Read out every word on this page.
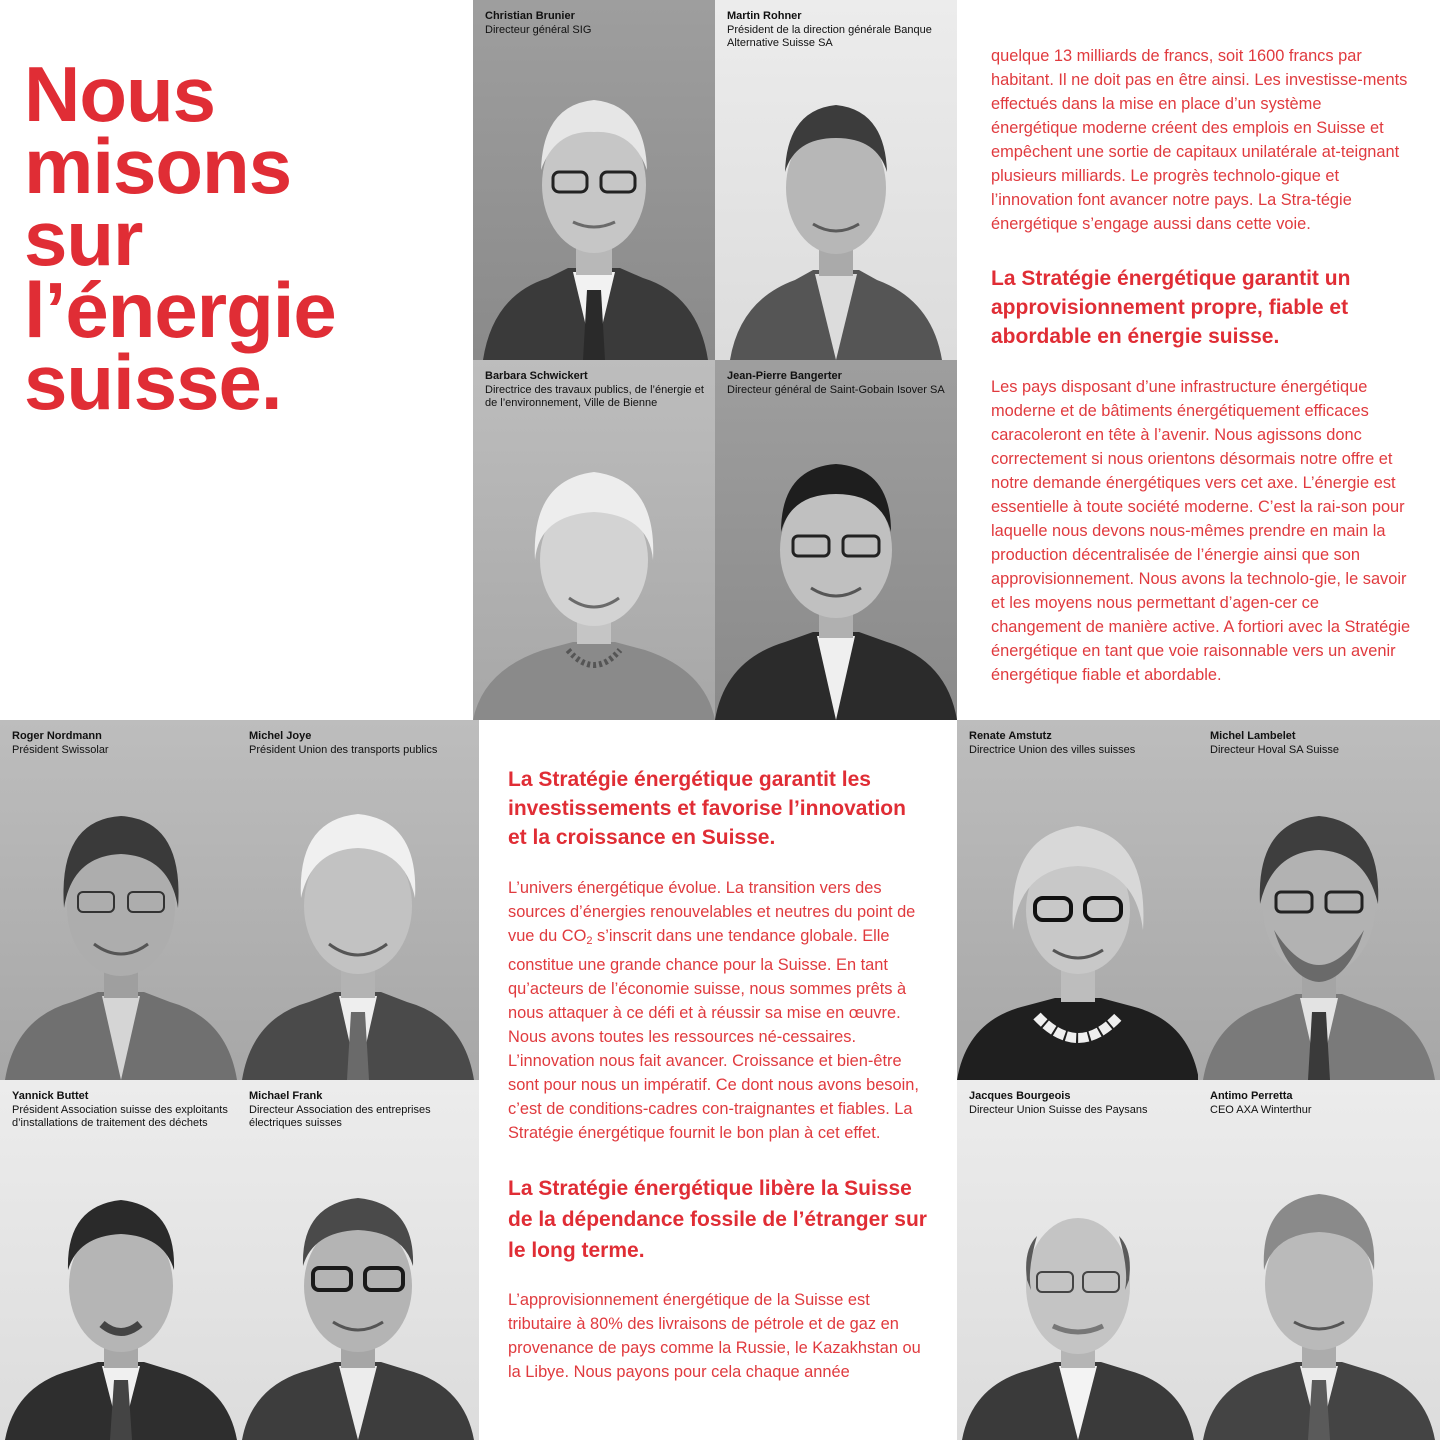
Nous
misons
sur
l’énergie
suisse.
Christian Brunier
Directeur général SIG
Martin Rohner
Président de la direction générale Banque Alternative Suisse SA
Barbara Schwickert
Directrice des travaux publics, de l’énergie et de l’environnement, Ville de Bienne
Jean-Pierre Bangerter
Directeur général de Saint-Gobain Isover SA
Roger Nordmann
Président Swissolar
Michel Joye
Président Union des transports publics
Yannick Buttet
Président Association suisse des exploitants d’installations de traitement des déchets
Michael Frank
Directeur Association des entreprises électriques suisses
Renate Amstutz
Directrice Union des villes suisses
Michel Lambelet
Directeur Hoval SA Suisse
Jacques Bourgeois
Directeur Union Suisse des Paysans
Antimo Perretta
CEO AXA Winterthur

quelque 13 milliards de francs, soit 1600 francs par habitant. Il ne doit pas en être ainsi. Les investisse-ments effectués dans la mise en place d’un système énergétique moderne créent des emplois en Suisse et empêchent une sortie de capitaux unilatérale at-teignant plusieurs milliards. Le progrès technolo-gique et l’innovation font avancer notre pays. La Stra-tégie énergétique s’engage aussi dans cette voie.

La Stratégie énergétique garantit un approvisionnement propre, fiable et abordable en énergie suisse.

Les pays disposant d’une infrastructure énergétique moderne et de bâtiments énergétiquement efficaces caracoleront en tête à l’avenir. Nous agissons donc correctement si nous orientons désormais notre offre et notre demande énergétiques vers cet axe. L’énergie est essentielle à toute société moderne. C’est la rai-son pour laquelle nous devons nous-mêmes prendre en main la production décentralisée de l’énergie ainsi que son approvisionnement. Nous avons la technolo-gie, le savoir et les moyens nous permettant d’agen-cer ce changement de manière active. A fortiori avec la Stratégie énergétique en tant que voie raisonnable vers un avenir énergétique fiable et abordable.

La Stratégie énergétique garantit les investissements et favorise l’innovation et la croissance en Suisse.

L’univers énergétique évolue. La transition vers des sources d’énergies renouvelables et neutres du point de vue du $CO_2$ s’inscrit dans une tendance globale. Elle constitue une grande chance pour la Suisse. En tant qu’acteurs de l’économie suisse, nous sommes prêts à nous attaquer à ce défi et à réussir sa mise en œuvre. Nous avons toutes les ressources né-cessaires. L’innovation nous fait avancer. Croissance et bien-être sont pour nous un impératif. Ce dont nous avons besoin, c’est de conditions-cadres con-traignantes et fiables. La Stratégie énergétique fournit le bon plan à cet effet.

La Stratégie énergétique libère la Suisse de la dépendance fossile de l’étranger sur le long terme.

L’approvisionnement énergétique de la Suisse est tributaire à 80% des livraisons de pétrole et de gaz en provenance de pays comme la Russie, le Kazakhstan ou la Libye. Nous payons pour cela chaque année
